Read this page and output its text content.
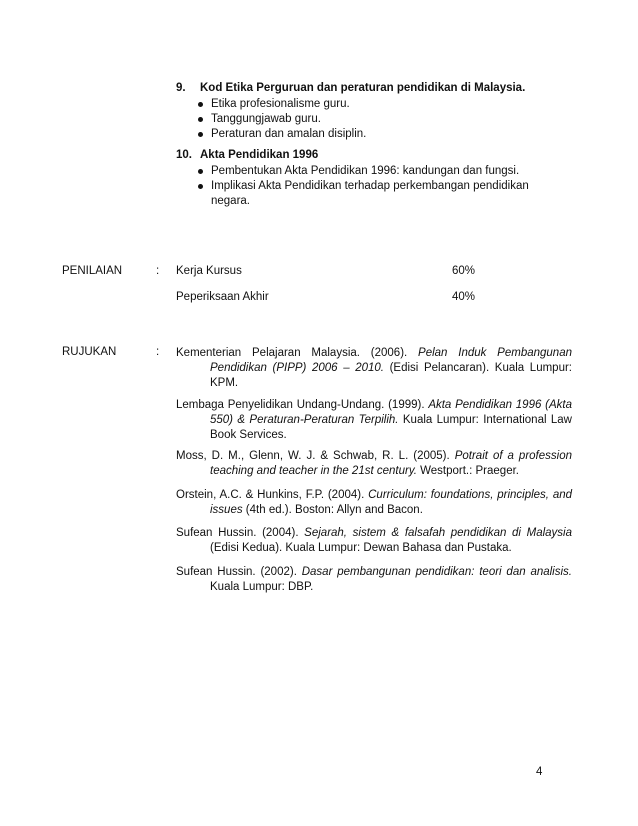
9. Kod Etika Perguruan dan peraturan pendidikan di Malaysia.
Etika profesionalisme guru.
Tanggungjawab guru.
Peraturan dan amalan disiplin.
10. Akta Pendidikan 1996
Pembentukan Akta Pendidikan 1996: kandungan dan fungsi.
Implikasi Akta Pendidikan terhadap perkembangan pendidikan negara.
PENILAIAN	: Kerja Kursus	60%
Peperiksaan Akhir	40%
RUJUKAN	: Kementerian Pelajaran Malaysia. (2006). Pelan Induk Pembangunan Pendidikan (PIPP) 2006 – 2010. (Edisi Pelancaran). Kuala Lumpur: KPM.
Lembaga Penyelidikan Undang-Undang. (1999). Akta Pendidikan 1996 (Akta 550) & Peraturan-Peraturan Terpilih. Kuala Lumpur: International Law Book Services.
Moss, D. M., Glenn, W. J. & Schwab, R. L. (2005). Potrait of a profession teaching and teacher in the 21st century. Westport.: Praeger.
Orstein, A.C. & Hunkins, F.P. (2004). Curriculum: foundations, principles, and issues (4th ed.). Boston: Allyn and Bacon.
Sufean Hussin. (2004). Sejarah, sistem & falsafah pendidikan di Malaysia (Edisi Kedua). Kuala Lumpur: Dewan Bahasa dan Pustaka.
Sufean Hussin. (2002). Dasar pembangunan pendidikan: teori dan analisis. Kuala Lumpur: DBP.
4
